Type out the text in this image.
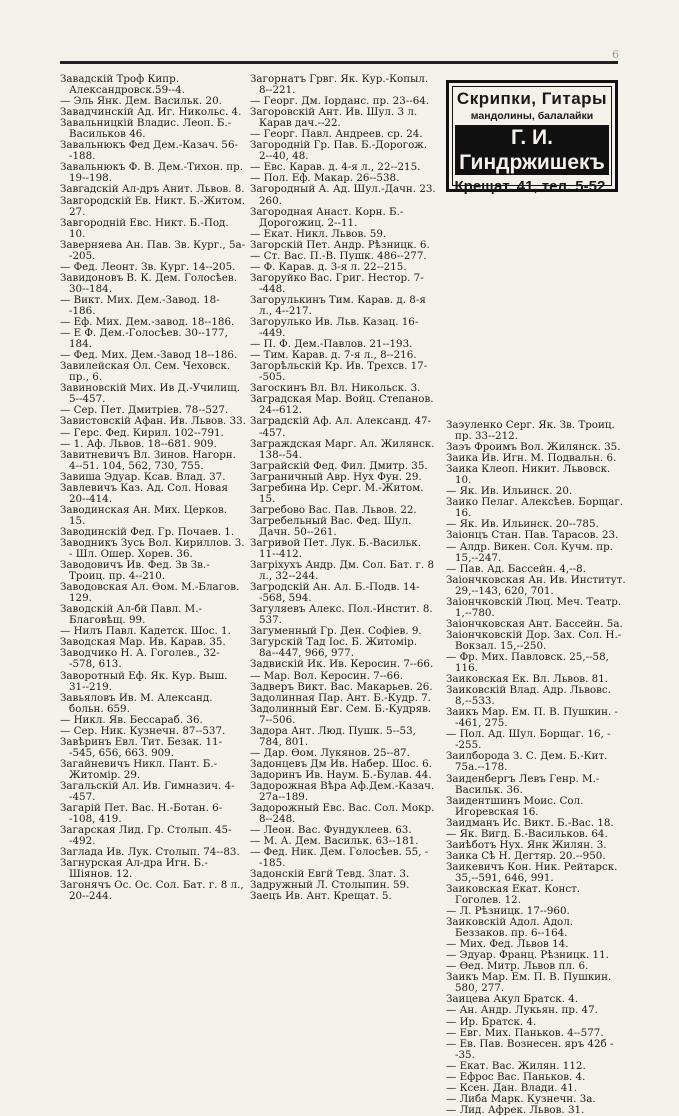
6
Скрипки, Гитары
мандолины, балалайки
Г. И. Гиндржишекъ
Крещат. 41, тел. 5-52.

Завадскій Троф Кипр. Александровск.59--4.

— Эль Янк. Дем. Васильк. 20.

Завадчинскій Ад. Иг. Никольс. 4.

Завальницкій Владис. Леоп. Б.-Васильков 46.

Завальнюкъ Фед Дем.-Казач. 56--188.

Завальнюкъ Ф. В. Дем.-Тихон. пр. 19--198.

Завгадскій Ал-дръ Анит. Львов. 8.

Завгородскій Ев. Никт. Б.-Житом. 27.

Завгородній Евс. Никт. Б.-Под. 10.

Заверняева Ан. Пав. Зв. Кург., 5а--205.

— Фед. Леонт. Зв. Кург. 14--205.

Завидоновъ В. К. Дем. Голосѣев. 30--184.

— Викт. Мих. Дем.-Завод. 18--186.

— Еф. Мих. Дем.-завод. 18--186.

— Е Ф. Дем.-Голосѣев. 30--177, 184.

— Фед. Мих. Дем.-Завод 18--186.

Завилейская Ол. Сем. Чеховск. пр., 6.

Завиновскій Мих. Ив Д.-Училищ. 5--457.

— Сер. Пет. Дмитріев. 78--527.

Завистовскій Афан. Ив. Львов. 33.

— Герс. Фед. Кирил. 102--791.

— 1. Аф. Львов. 18--681. 909.

Завитневичъ Вл. Зинов. Нагорн. 4--51. 104, 562, 730, 755.

Завиша Эдуар. Ксав. Влад. 37.

Завлевичъ Каз. Ад. Сол. Новая 20--414.

Заводинская Ан. Мих. Церков. 15.

Заводинскій Фед. Гр. Почаев. 1.

Заводникъ Зусь Вол. Кириллов. 3. - Шл. Ошер. Хорев. 36.

Заводовичъ Ив. Фед. Зв Зв.-Троиц. пр. 4--210.

Заводовская Ал. Өом. М.-Благов. 129.

Заводскій Ал-бй Павл. М.-Благовѣщ. 99.

— Нилъ Павл. Кадетск. Шос. 1.

Заводская Мар. Ив. Карав. 35.

Заводчико Н. А. Гоголев., 32--578, 613.

Заворотный Еф. Як. Кур. Выш. 31--219.

Завьяловъ Ив. М. Александ. больн. 659.

— Никл. Яв. Бессараб. 36.

— Сер. Ник. Кузнечн. 87--537.

Завѣринъ Евл. Тит. Безак. 11--545, 656, 663. 909.

Загайневичъ Никл. Пант. Б.-Житомір. 29.

Загальскій Ал. Ив. Гимназич. 4--457.

Загарій Пет. Вас. Н.-Ботан. 6--108, 419.

Загарская Лид. Гр. Столып. 45--492.

Заглада Ив. Лук. Столып. 74--83.

Загнурская Ал-дра Игн. Б.-Шіянов. 12.

Загонячъ Ос. Ос. Сол. Бат. г. 8 л., 20--244.

Загорнатъ Грвг. Як. Кур.-Копыл. 8--221.

— Георг. Дм. Іорданс. пр. 23--64.

Загоровскій Ант. Ив. Шул. 3 л. Карав дач.--22.

— Георг. Павл. Андреев. ср. 24.

Загородній Гр. Пав. Б.-Дорогож. 2--40, 48.

— Евс. Карав. д. 4-я л., 22--215.

— Пол. Еф. Макар. 26--538.

Загородный А. Ад. Шул.-Дачн. 23. 260.

Загородная Анаст. Корн. Б.-Дорогожиц. 2--11.

— Екат. Никл. Львов. 59.

Загорскій Пет. Андр. Рѣзницк. 6.

— Ст. Вас. П.-В. Пушк. 486--277.

— Ф. Карав. д. 3-я л. 22--215.

Загоруйко Вас. Григ. Нестор. 7--448.

Загорулькинъ Тим. Карав. д. 8-я л., 4--217.

Загорулько Ив. Льв. Казац. 16--449.

— П. Ф. Дем.-Павлов. 21--193.

— Тим. Карав. д. 7-я л., 8--216.

Загорѣльскій Кр. Ив. Трехсв. 17--505.

Загоскинъ Вл. Вл. Никольск. 3.

Заградская Мар. Войц. Степанов. 24--612.

Заградскій Аф. Ал. Александ. 47--457.

Заграждская Марг. Ал. Жилянск. 138--54.

Заграйскій Фед. Фил. Дмитр. 35.

Заграничный Авр. Нух Фун. 29.

Загребина Ир. Серг. М.-Житом. 15.

Загребово Вас. Пав. Львов. 22.

Загребельный Вас. Фед. Шул. Дачн. 50--261.

Загривой Пет. Лук. Б.-Васильк. 11--412.

Загріхухъ Андр. Дм. Сол. Бат. г. 8 л., 32--244.

Загродскій Ан. Ал. Б.-Подв. 14--568, 594.

Загуляевъ Алекс. Пол.-Инстит. 8. 537.

Загуменный Гр. Ден. Софіев. 9.

Загурскій Тад Іос. Б. Житомір. 8а--447, 966, 977.

Задвискій Ик. Ив. Керосин. 7--66.

— Мар. Вол. Керосин. 7--66.

Задверъ Викт. Вас. Макарьев. 26.

Задолинная Пар. Ант. Б.-Кудр. 7.

Задолинный Евг. Сем. Б.-Кудряв. 7--506.

Задора Ант. Люд. Пушк. 5--53, 784, 801.

— Дар. Өом. Лукянов. 25--87.

Задонцевъ Дм Ив. Набер. Шос. 6.

Задоринъ Ив. Наум. Б.-Булав. 44.

Задорожная Вѣра Аф.Дем.-Казач. 27а--189.

Задорожный Евс. Вас. Сол. Мокр. 8--248.

— Леон. Вас. Фундуклеев. 63.

— М. А. Дем. Васильк. 63--181.

— Фед. Ник. Дем. Голосѣев. 55, --185.

Задонскій Евгй Тевд. Злат. 3.

Задружный Л. Столыпин. 59.

Заецъ Ив. Ант. Крещат. 5.

Заэуленко Серг. Як. Зв. Троиц. пр. 33--212.

Заэъ Фроимъ Вол. Жилянск. 35.

Заика Ив. Игн. М. Подвальн. 6.

Заика Клеоп. Никит. Львовск. 10.

— Як. Ив. Ильинск. 20.

Заико Пелаг. Алексѣев. Борщаг. 16.

— Як. Ив. Ильинск. 20--785.

Заіонцъ Стан. Пав. Тарасов. 23.

— Алдр. Викен. Сол. Кучм. пр. 15,--247.

— Пав. Ад. Бассейн. 4,--8.

Заіончковская Ан. Ив. Институт. 29,--143, 620, 701.

Заіончковскій Люц. Меч. Театр. 1,--780.

Заіончковская Ант. Бассейн. 5а.

Заіончковскій Дор. Зах. Сол. Н.-Вокзал. 15,--250.

— Фр. Мих. Павловск. 25,--58, 116.

Заиковская Ек. Вл. Львов. 81.

Заиковскій Влад. Адр. Львовс. 8,--533.

Заикъ Мар. Ем. П. В. Пушкин. --461, 275.

— Пол. Ад. Шул. Борщаг. 16, --255.

Заилборода З. С. Дем. Б.-Кит. 75а.--178.

Заиденбергъ Левъ Генр. М.-Васильк. 36.

Заидентшинъ Моис. Сол. Игоревская 16.

Заидманъ Ис. Викт. Б.-Вас. 18.

— Як. Вигд. Б.-Васильков. 64.

Заиѣботъ Нух. Янк Жилян. 3.

Заика Сѣ Н. Дегтяр. 20.--950.

Заикевичъ Кон. Ник. Рейтарск. 35,--591, 646, 991.

Заиковская Екат. Конст. Гоголев. 12.

— Л. Рѣзницк. 17--960.

Заиковскій Адол. Адол. Беззаков. пр. 6--164.

— Мих. Фед. Львов 14.

— Эдуар. Франц. Рѣзницк. 11.

— Өед. Митр. Львов пл. 6.

Заикъ Мар. Ем. П. В. Пушкин. 580, 277.

Заицева Акул Братск. 4.

— Ан. Андр. Лукьян. пр. 47.

— Ир. Братск. 4.

— Евг. Мих. Паньков. 4--577.

— Ев. Пав. Вознесен. яръ 42б --35.

— Екат. Вас. Жилян. 112.

— Ефрос Вас. Паньков. 4.

— Ксен. Дан. Влади. 41.

— Либа Марк. Кузнечн. 3а.

— Лид. Афрек. Львов. 31.
